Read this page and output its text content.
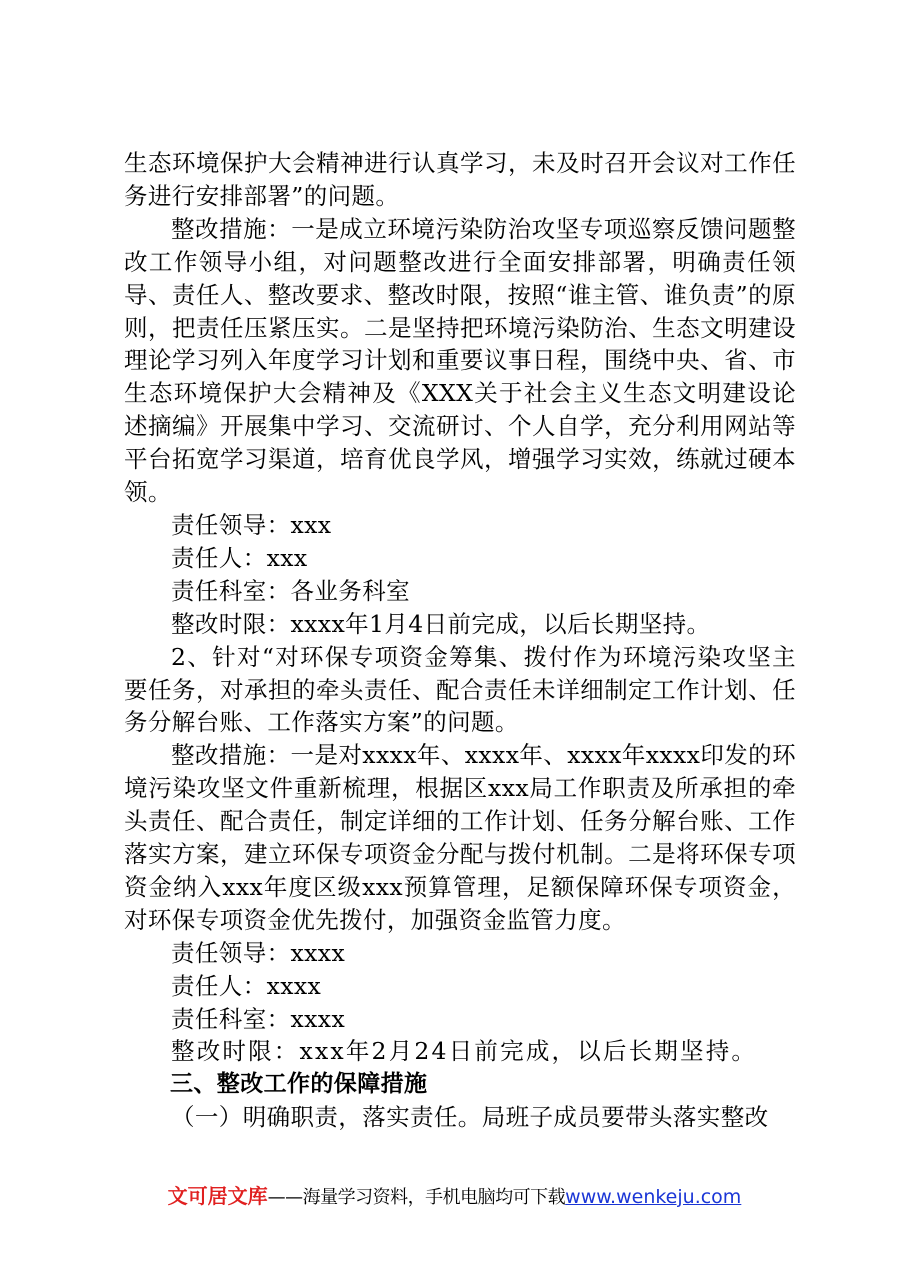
生态环境保护大会精神进行认真学习，未及时召开会议对工作任务进行安排部署”的问题。

整改措施：一是成立环境污染防治攻坚专项巡察反馈问题整改工作领导小组，对问题整改进行全面安排部署，明确责任领导、责任人、整改要求、整改时限，按照“谁主管、谁负责”的原则，把责任压紧压实。二是坚持把环境污染防治、生态文明建设理论学习列入年度学习计划和重要议事日程，围绕中央、省、市生态环境保护大会精神及《XXX关于社会主义生态文明建设论述摘编》开展集中学习、交流研讨、个人自学，充分利用网站等平台拓宽学习渠道，培育优良学风，增强学习实效，练就过硬本领。

责任领导：xxx

责任人：xxx

责任科室：各业务科室

整改时限：xxxx年1月4日前完成，以后长期坚持。

2、针对“对环保专项资金筹集、拨付作为环境污染攻坚主要任务，对承担的牵头责任、配合责任未详细制定工作计划、任务分解台账、工作落实方案”的问题。

整改措施：一是对xxxx年、xxxx年、xxxx年xxxx印发的环境污染攻坚文件重新梳理，根据区xxx局工作职责及所承担的牵头责任、配合责任，制定详细的工作计划、任务分解台账、工作落实方案，建立环保专项资金分配与拨付机制。二是将环保专项资金纳入xxx年度区级xxx预算管理，足额保障环保专项资金，对环保专项资金优先拨付，加强资金监管力度。

责任领导：xxxx

责任人：xxxx

责任科室：xxxx

整改时限：xxx年2月24日前完成，以后长期坚持。

三、整改工作的保障措施

（一）明确职责，落实责任。局班子成员要带头落实整改

文可居文库——海量学习资料，手机电脑均可下载www.wenkeju.com
